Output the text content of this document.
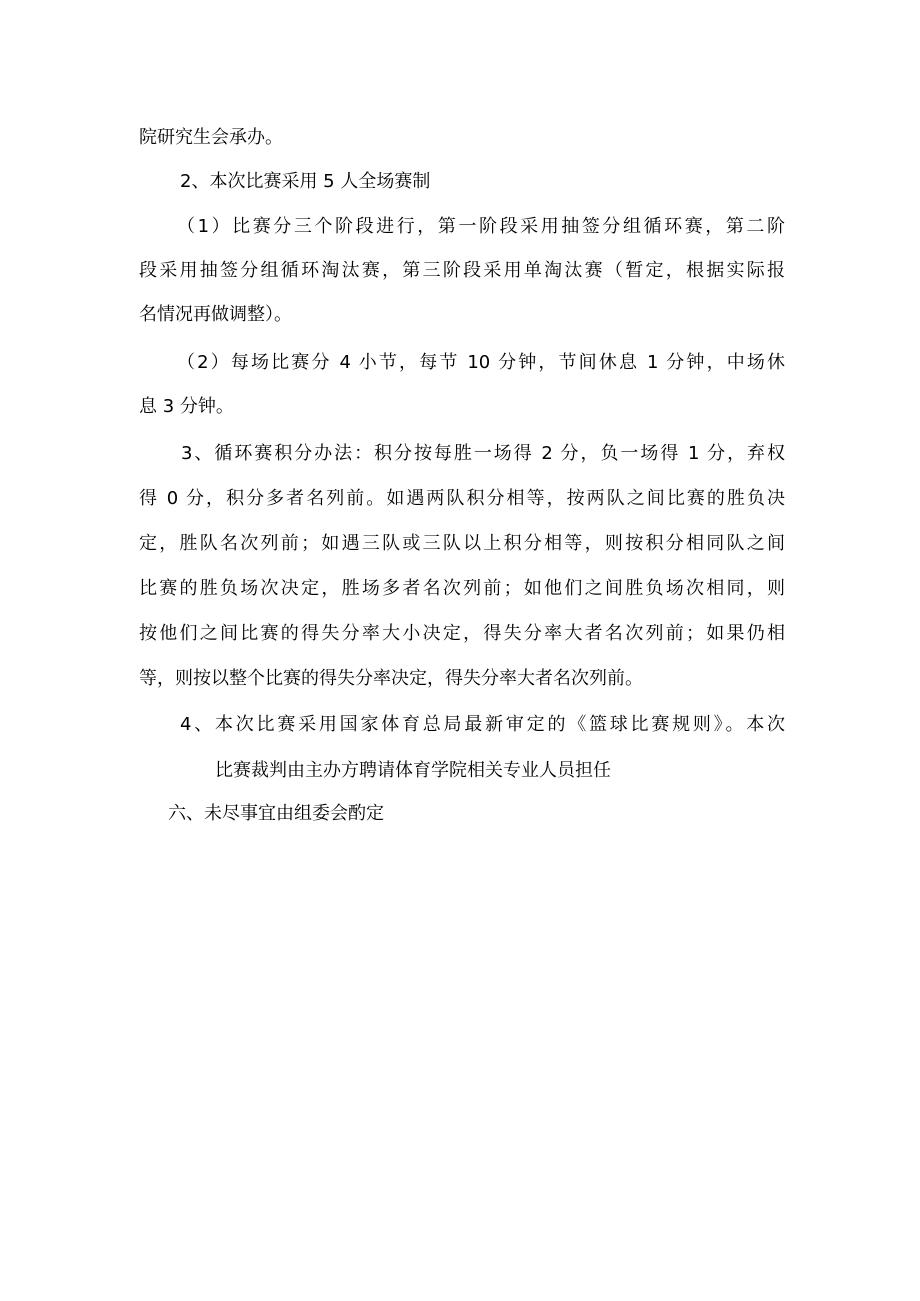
院研究生会承办。
2、本次比赛采用 5 人全场赛制
（1）比赛分三个阶段进行，第一阶段采用抽签分组循环赛，第二阶
段采用抽签分组循环淘汰赛，第三阶段采用单淘汰赛（暂定，根据实际报
名情况再做调整）。
（2）每场比赛分 4 小节，每节 10 分钟，节间休息 1 分钟，中场休
息 3 分钟。
3、循环赛积分办法：积分按每胜一场得 2 分，负一场得 1 分，弃权
得 0 分，积分多者名列前。如遇两队积分相等，按两队之间比赛的胜负决
定，胜队名次列前；如遇三队或三队以上积分相等，则按积分相同队之间
比赛的胜负场次决定，胜场多者名次列前；如他们之间胜负场次相同，则
按他们之间比赛的得失分率大小决定，得失分率大者名次列前；如果仍相
等，则按以整个比赛的得失分率决定，得失分率大者名次列前。
4、本次比赛采用国家体育总局最新审定的《篮球比赛规则》。本次
比赛裁判由主办方聘请体育学院相关专业人员担任
六、未尽事宜由组委会酌定
